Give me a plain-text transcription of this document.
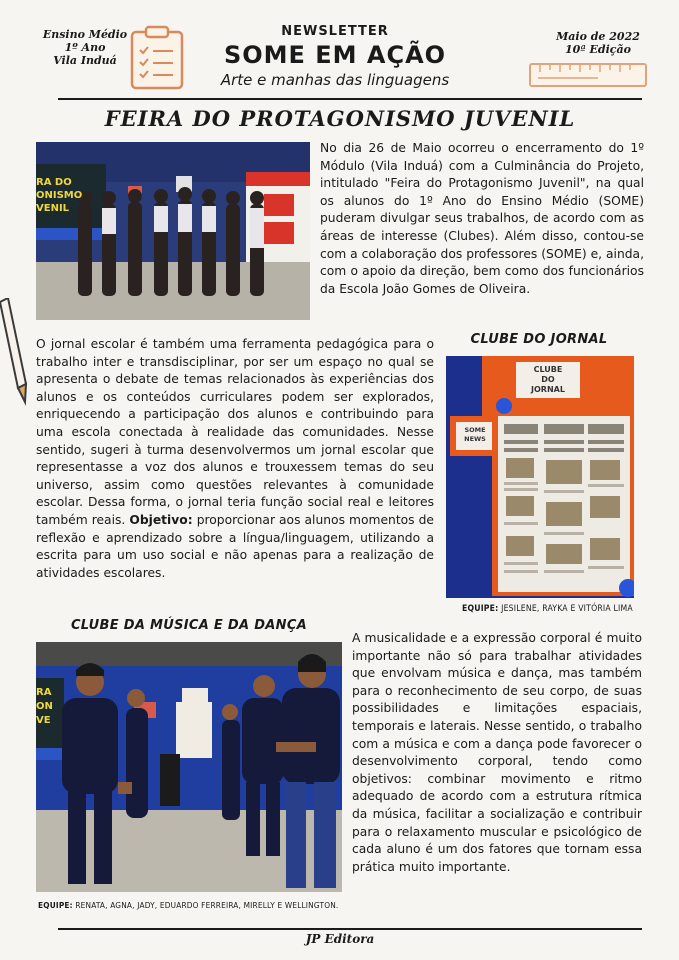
Ensino Médio
1º Ano
Vila Induá
NEWSLETTER
SOME EM AÇÃO
Arte e manhas das linguagens
Maio de 2022
10ª Edição
FEIRA DO PROTAGONISMO JUVENIL
RA DO
ONISMO
VENIL
No dia 26 de Maio ocorreu o encerramento do 1º Módulo (Vila Induá) com a Culminância do Projeto, intitulado "Feira do Protagonismo Juvenil", na qual os alunos do 1º Ano do Ensino Médio (SOME) puderam divulgar seus trabalhos, de acordo com as áreas de interesse (Clubes). Além disso, contou-se com a colaboração dos professores (SOME) e, ainda, com o apoio da direção, bem como dos funcionários da Escola João Gomes de Oliveira.
O jornal escolar é também uma ferramenta pedagógica para o trabalho inter e transdisciplinar, por ser um espaço no qual se apresenta o debate de temas relacionados às experiências dos alunos e os conteúdos curriculares podem ser explorados, enriquecendo a participação dos alunos e contribuindo para uma escola conectada à realidade das comunidades. Nesse sentido, sugeri à turma desenvolvermos um jornal escolar que representasse a voz dos alunos e trouxessem temas do seu universo, assim como questões relevantes à comunidade escolar. Dessa forma, o jornal teria função social real e leitores também reais. Objetivo: proporcionar aos alunos momentos de reflexão e aprendizado sobre a língua/linguagem, utilizando a escrita para um uso social e não apenas para a realização de atividades escolares.
CLUBE DO JORNAL
CLUBE
DO
JORNAL
SOME
NEWS
EQUIPE: JESILENE, RAYKA E VITÓRIA LIMA
CLUBE DA MÚSICA E DA DANÇA
RA
ON
VE
EQUIPE: RENATA, AGNA, JADY, EDUARDO FERREIRA, MIRELLY E WELLINGTON.
A musicalidade e a expressão corporal é muito importante não só para trabalhar atividades que envolvam música e dança, mas também para o reconhecimento de seu corpo, de suas possibilidades e limitações espaciais, temporais e laterais. Nesse sentido, o trabalho com a música e com a dança pode favorecer o desenvolvimento corporal, tendo como objetivos: combinar movimento e ritmo adequado de acordo com a estrutura rítmica da música, facilitar a socialização e contribuir para o relaxamento muscular e psicológico de cada aluno é um dos fatores que tornam essa prática muito importante.
JP Editora
